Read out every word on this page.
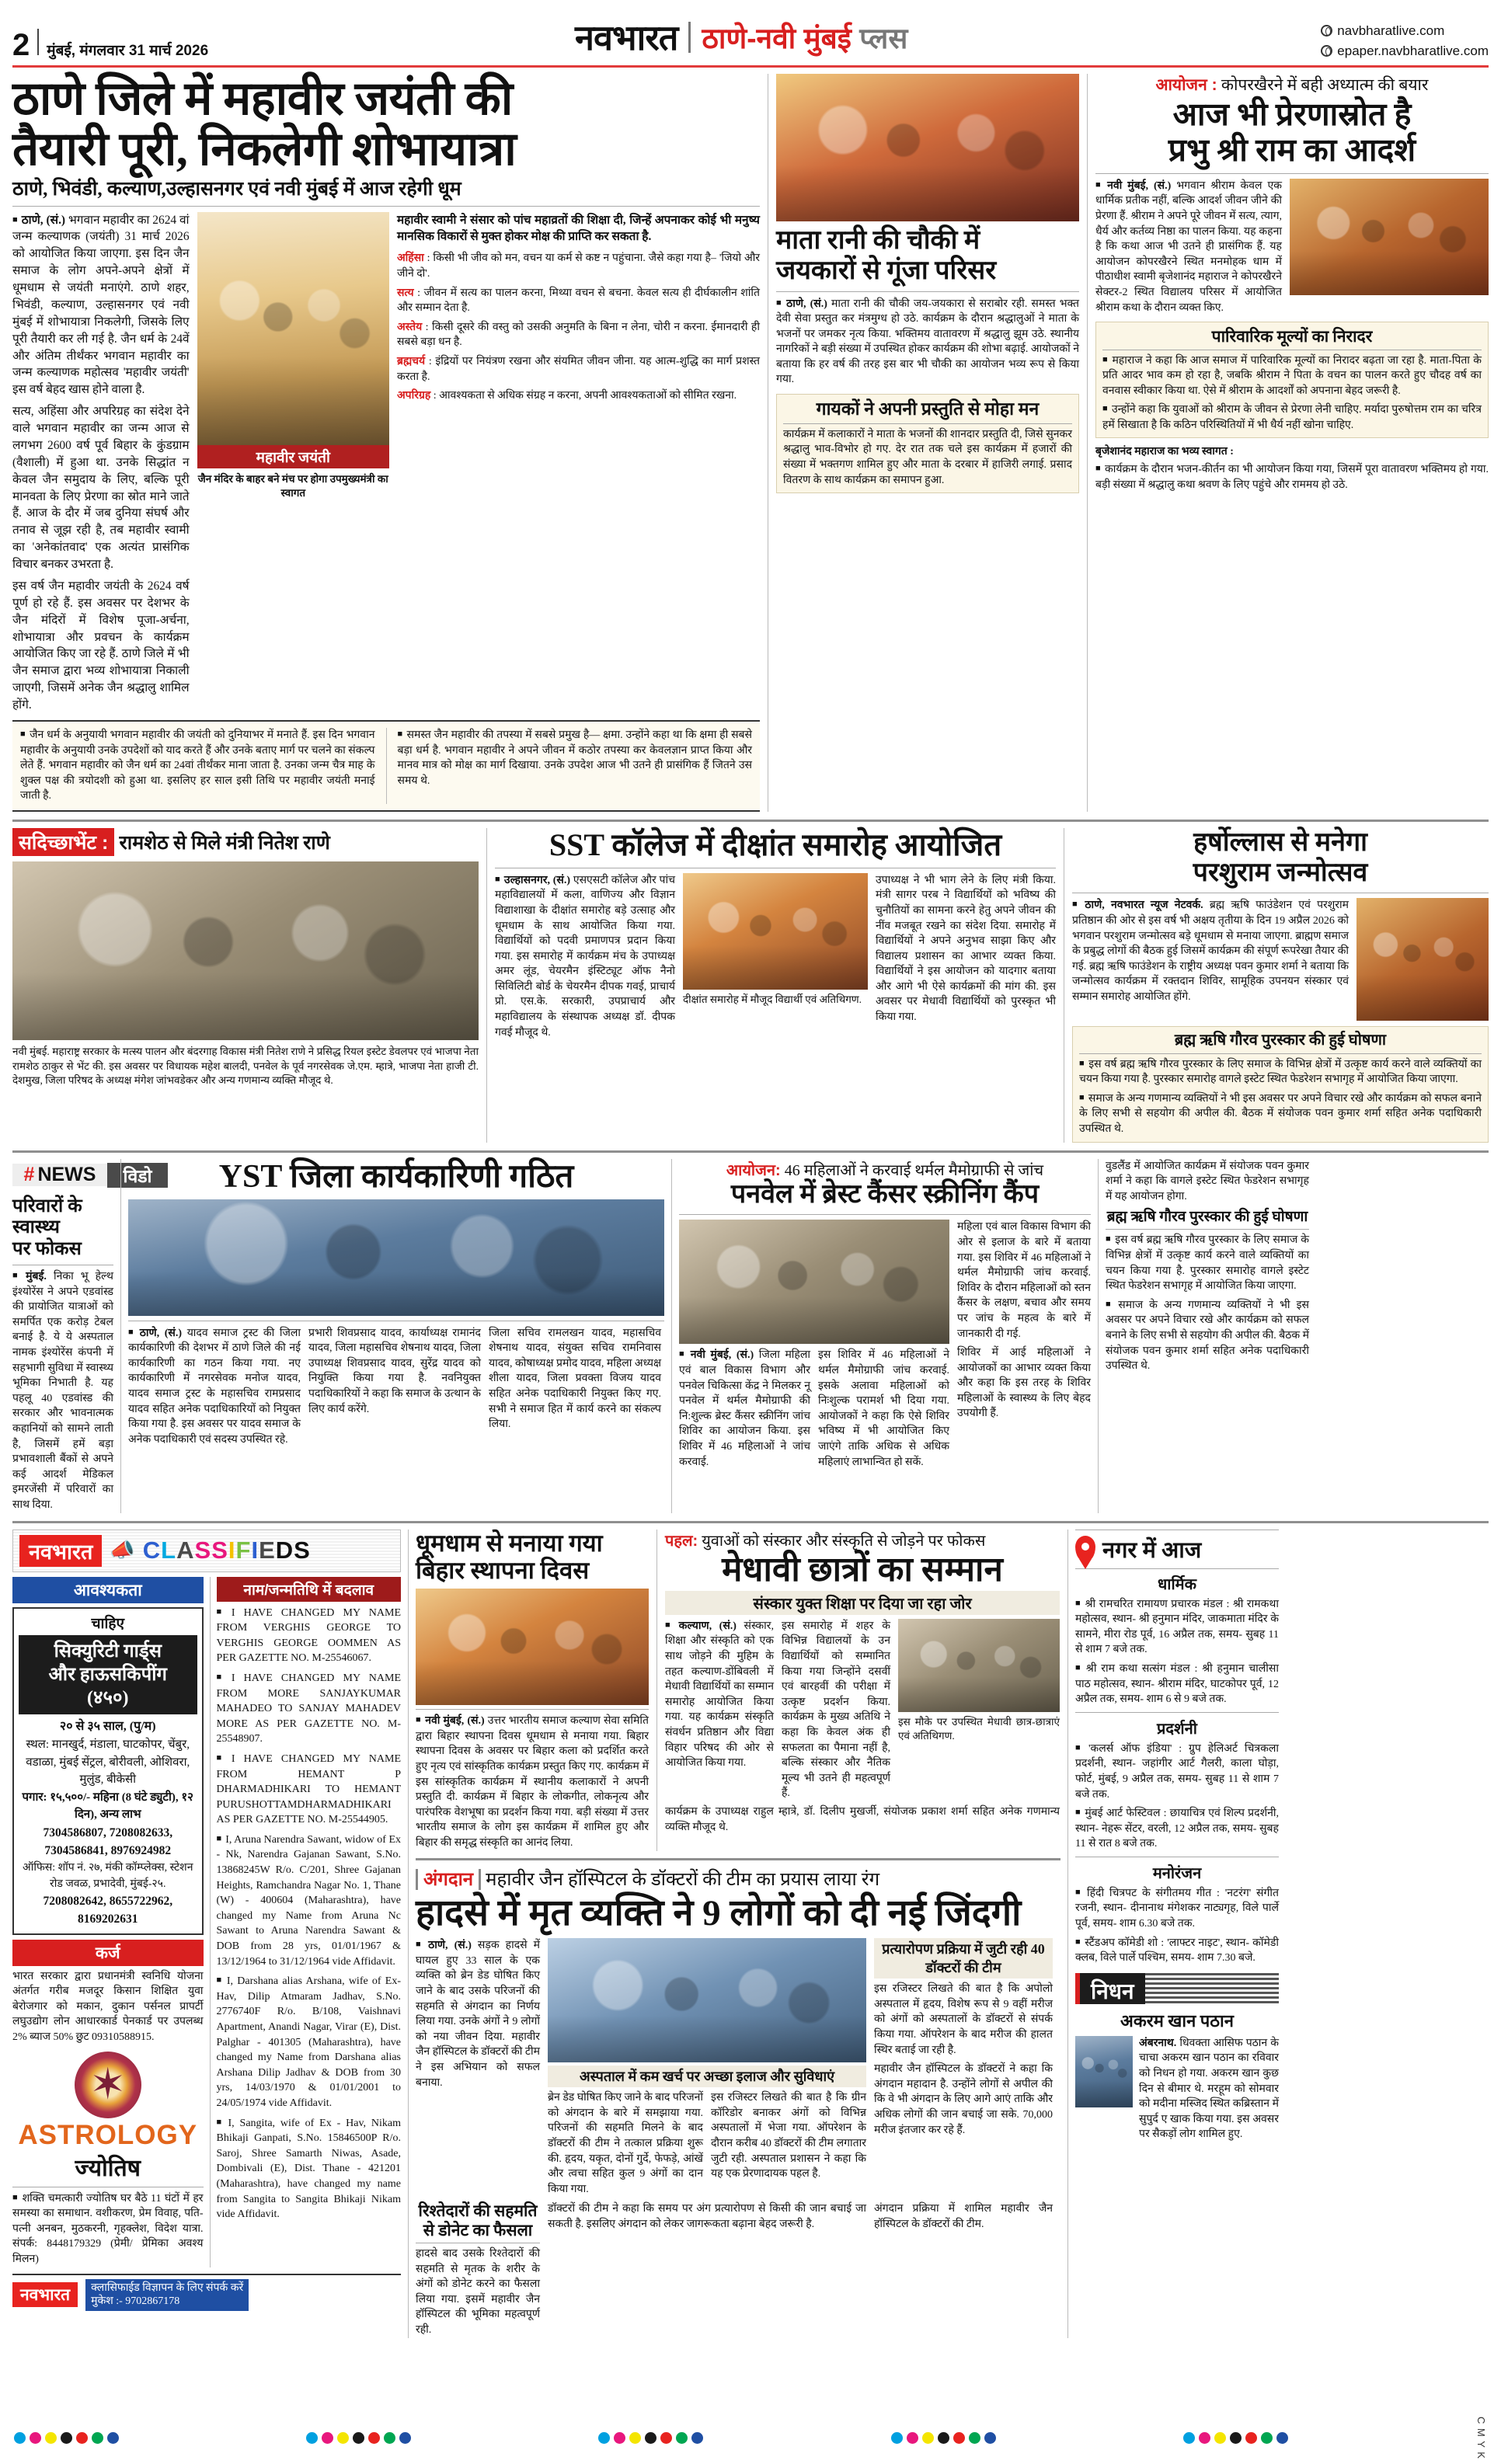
2 मुंबई, मंगलवार 31 मार्च 2026	नवभारत ठाणे-नवी मुंबई प्लस	navbharatlive.com
epaper.navbharatlive.com
ठाणे जिले में महावीर जयंती की
तैयारी पूरी, निकलेगी शोभायात्रा
ठाणे, भिवंडी, कल्याण,उल्हासनगर एवं नवी मुंबई में आज रहेगी धूम
■ ठाणे, (सं.) भगवान महावीर का 2624 वां जन्म कल्याणक (जयंती) 31 मार्च 2026 को आयोजित किया जाएगा. इस दिन जैन समाज के लोग अपने-अपने क्षेत्रों में धूमधाम से जयंती मनाएंगे. ठाणे शहर, भिवंडी, कल्याण, उल्हासनगर एवं नवी मुंबई में शोभायात्रा निकलेगी, जिसके लिए पूरी तैयारी कर ली गई है. जैन धर्म के 24वें और अंतिम तीर्थंकर भगवान महावीर का जन्म कल्याणक महोत्सव 'महावीर जयंती' इस वर्ष बेहद खास होने वाला है.
सत्य, अहिंसा और अपरिग्रह का संदेश देने वाले भगवान महावीर का जन्म आज से लगभग 2600 वर्ष पूर्व बिहार के कुंडग्राम (वैशाली) में हुआ था. उनके सिद्धांत न केवल जैन समुदाय के लिए, बल्कि पूरी मानवता के लिए प्रेरणा का स्रोत माने जाते हैं. आज के दौर में जब दुनिया संघर्ष और तनाव से जूझ रही है, तब महावीर स्वामी का 'अनेकांतवाद' एक अत्यंत प्रासंगिक विचार बनकर उभरता है.
इस वर्ष जैन महावीर जयंती के 2624 वर्ष पूर्ण हो रहे हैं. इस अवसर पर देशभर के जैन मंदिरों में विशेष पूजा-अर्चना, शोभायात्रा और प्रवचन के कार्यक्रम आयोजित किए जा रहे हैं. ठाणे जिले में भी जैन समाज द्वारा भव्य शोभायात्रा निकाली जाएगी, जिसमें अनेक जैन श्रद्धालु शामिल होंगे.
महावीर जयंती
जैन मंदिर के बाहर बने मंच पर होगा उपमुख्यमंत्री का स्वागत
महावीर स्वामी ने संसार को पांच महाव्रतों की शिक्षा दी, जिन्हें अपनाकर कोई भी मनुष्य मानसिक विकारों से मुक्त होकर मोक्ष की प्राप्ति कर सकता है.
अहिंसा : किसी भी जीव को मन, वचन या कर्म से कष्ट न पहुंचाना. जैसे कहा गया है– 'जियो और जीने दो'.
सत्य : जीवन में सत्य का पालन करना, मिथ्या वचन से बचना. केवल सत्य ही दीर्घकालीन शांति और सम्मान देता है.
अस्तेय : किसी दूसरे की वस्तु को उसकी अनुमति के बिना न लेना, चोरी न करना. ईमानदारी ही सबसे बड़ा धन है.
ब्रह्मचर्य : इंद्रियों पर नियंत्रण रखना और संयमित जीवन जीना. यह आत्म-शुद्धि का मार्ग प्रशस्त करता है.
अपरिग्रह : आवश्यकता से अधिक संग्रह न करना, अपनी आवश्यकताओं को सीमित रखना.
■ जैन धर्म के अनुयायी भगवान महावीर की जयंती को दुनियाभर में मनाते हैं. इस दिन भगवान महावीर के अनुयायी उनके उपदेशों को याद करते हैं और उनके बताए मार्ग पर चलने का संकल्प लेते हैं. भगवान महावीर को जैन धर्म का 24वां तीर्थंकर माना जाता है. उनका जन्म चैत्र माह के शुक्ल पक्ष की त्रयोदशी को हुआ था. इसलिए हर साल इसी तिथि पर महावीर जयंती मनाई जाती है.
■ समस्त जैन महावीर की तपस्या में सबसे प्रमुख है— क्षमा. उन्होंने कहा था कि क्षमा ही सबसे बड़ा धर्म है. भगवान महावीर ने अपने जीवन में कठोर तपस्या कर केवलज्ञान प्राप्त किया और मानव मात्र को मोक्ष का मार्ग दिखाया. उनके उपदेश आज भी उतने ही प्रासंगिक हैं जितने उस समय थे.
माता रानी की चौकी में
जयकारों से गूंजा परिसर
■ ठाणे, (सं.) माता रानी की चौकी जय-जयकारा से सराबोर रही. समस्त भक्त देवी सेवा प्रस्तुत कर मंत्रमुग्ध हो उठे. कार्यक्रम के दौरान श्रद्धालुओं ने माता के भजनों पर जमकर नृत्य किया. भक्तिमय वातावरण में श्रद्धालु झूम उठे. स्थानीय नागरिकों ने बड़ी संख्या में उपस्थित होकर कार्यक्रम की शोभा बढ़ाई. आयोजकों ने बताया कि हर वर्ष की तरह इस बार भी चौकी का आयोजन भव्य रूप से किया गया.
गायकों ने अपनी प्रस्तुति से मोहा मन
कार्यक्रम में कलाकारों ने माता के भजनों की शानदार प्रस्तुति दी, जिसे सुनकर श्रद्धालु भाव-विभोर हो गए. देर रात तक चले इस कार्यक्रम में हजारों की संख्या में भक्तगण शामिल हुए और माता के दरबार में हाजिरी लगाई. प्रसाद वितरण के साथ कार्यक्रम का समापन हुआ.
आयोजन : कोपरखैरने में बही अध्यात्म की बयार
आज भी प्रेरणास्रोत है
प्रभु श्री राम का आदर्श
■ नवी मुंबई, (सं.) भगवान श्रीराम केवल एक धार्मिक प्रतीक नहीं, बल्कि आदर्श जीवन जीने की प्रेरणा हैं. श्रीराम ने अपने पूरे जीवन में सत्य, त्याग, धैर्य और कर्तव्य निष्ठा का पालन किया. यह कहना है कि कथा आज भी उतने ही प्रासंगिक हैं. यह आयोजन कोपरखैरने स्थित मनमोहक धाम में पीठाधीश स्वामी बृजेशानंद महाराज ने कोपरखैरने सेक्टर-2 स्थित विद्यालय परिसर में आयोजित श्रीराम कथा के दौरान व्यक्त किए.
पारिवारिक मूल्यों का निरादर
■ महाराज ने कहा कि आज समाज में पारिवारिक मूल्यों का निरादर बढ़ता जा रहा है. माता-पिता के प्रति आदर भाव कम हो रहा है, जबकि श्रीराम ने पिता के वचन का पालन करते हुए चौदह वर्ष का वनवास स्वीकार किया था. ऐसे में श्रीराम के आदर्शों को अपनाना बेहद जरूरी है.
■ उन्होंने कहा कि युवाओं को श्रीराम के जीवन से प्रेरणा लेनी चाहिए. मर्यादा पुरुषोत्तम राम का चरित्र हमें सिखाता है कि कठिन परिस्थितियों में भी धैर्य नहीं खोना चाहिए.
बृजेशानंद महाराज का भव्य स्वागत :
■ कार्यक्रम के दौरान भजन-कीर्तन का भी आयोजन किया गया, जिसमें पूरा वातावरण भक्तिमय हो गया. बड़ी संख्या में श्रद्धालु कथा श्रवण के लिए पहुंचे और राममय हो उठे.
सदिच्छाभेंट : रामशेठ से मिले मंत्री नितेश राणे
नवी मुंबई. महाराष्ट्र सरकार के मत्स्य पालन और बंदरगाह विकास मंत्री नितेश राणे ने प्रसिद्ध रियल इस्टेट डेवलपर एवं भाजपा नेता रामशेठ ठाकुर से भेंट की. इस अवसर पर विधायक महेश बालदी, पनवेल के पूर्व नगरसेवक जे.एम. म्हात्रे, भाजपा नेता हाजी टी. देशमुख, जिला परिषद के अध्यक्ष मंगेश जांभवडेकर और अन्य गणमान्य व्यक्ति मौजूद थे.
SST कॉलेज में दीक्षांत समारोह आयोजित
■ उल्हासनगर, (सं.) एसएसटी कॉलेज और पांच महाविद्यालयों में कला, वाणिज्य और विज्ञान विद्याशाखा के दीक्षांत समारोह बड़े उत्साह और धूमधाम के साथ आयोजित किया गया. विद्यार्थियों को पदवी प्रमाणपत्र प्रदान किया गया. इस समारोह में कार्यक्रम मंच के उपाध्यक्ष अमर लूंड, चेयरमैन इंस्टिट्यूट ऑफ नैनो सिविलिटी बोर्ड के चेयरमैन दीपक गवई, प्राचार्य प्रो. एस.के. सरकारी, उपप्राचार्य और महाविद्यालय के संस्थापक अध्यक्ष डॉ. दीपक गवई मौजूद थे.
दीक्षांत समारोह में मौजूद विद्यार्थी एवं अतिथिगण.
उपाध्यक्ष ने भी भाग लेने के लिए मंत्री किया. मंत्री सागर परब ने विद्यार्थियों को भविष्य की चुनौतियों का सामना करने हेतु अपने जीवन की नींव मजबूत रखने का संदेश दिया. समारोह में विद्यार्थियों ने अपने अनुभव साझा किए और विद्यालय प्रशासन का आभार व्यक्त किया. विद्यार्थियों ने इस आयोजन को यादगार बताया और आगे भी ऐसे कार्यक्रमों की मांग की. इस अवसर पर मेधावी विद्यार्थियों को पुरस्कृत भी किया गया.
हर्षोल्लास से मनेगा
परशुराम जन्मोत्सव
■ ठाणे, नवभारत न्यूज नेटवर्क. ब्रह्म ऋषि फाउंडेशन एवं परशुराम प्रतिष्ठान की ओर से इस वर्ष भी अक्षय तृतीया के दिन 19 अप्रैल 2026 को भगवान परशुराम जन्मोत्सव बड़े धूमधाम से मनाया जाएगा. ब्राह्मण समाज के प्रबुद्ध लोगों की बैठक हुई जिसमें कार्यक्रम की संपूर्ण रूपरेखा तैयार की गई. ब्रह्म ऋषि फाउंडेशन के राष्ट्रीय अध्यक्ष पवन कुमार शर्मा ने बताया कि जन्मोत्सव कार्यक्रम में रक्तदान शिविर, सामूहिक उपनयन संस्कार एवं सम्मान समारोह आयोजित होंगे.
ब्रह्म ऋषि गौरव पुरस्कार की हुई घोषणा
■ इस वर्ष ब्रह्म ऋषि गौरव पुरस्कार के लिए समाज के विभिन्न क्षेत्रों में उत्कृष्ट कार्य करने वाले व्यक्तियों का चयन किया गया है. पुरस्कार समारोह वागले इस्टेट स्थित फेडरेशन सभागृह में आयोजित किया जाएगा.
■ समाज के अन्य गणमान्य व्यक्तियों ने भी इस अवसर पर अपने विचार रखे और कार्यक्रम को सफल बनाने के लिए सभी से सहयोग की अपील की. बैठक में संयोजक पवन कुमार शर्मा सहित अनेक पदाधिकारी उपस्थित थे.
# NEWS	विडो
परिवारों के स्वास्थ्य
पर फोकस
■ मुंबई. निका भू हेल्थ इंश्योरेंस ने अपने एडवांस्ड की प्रायोजित यात्राओं को समर्पित एक करोड़ टेबल बनाई है. ये ये अस्पताल नामक इंश्योरेंस कंपनी में सहभागी सुविधा में स्वास्थ्य भूमिका निभाती है. यह पहलू 40 एडवांस्ड की सरकार और भावनात्मक कहानियों को सामने लाती है, जिसमें हमें बड़ा प्रभावशाली बैंकों से अपने कई आदर्श मेडिकल इमरजेंसी में परिवारों का साथ दिया.
YST जिला कार्यकारिणी गठित
■ ठाणे, (सं.) यादव समाज ट्रस्ट की जिला कार्यकारिणी की देशभर में ठाणे जिले की नई कार्यकारिणी का गठन किया गया. नए कार्यकारिणी में नगरसेवक मनोज यादव, यादव समाज ट्रस्ट के महासचिव रामप्रसाद यादव सहित अनेक पदाधिकारियों को नियुक्त किया गया है. इस अवसर पर यादव समाज के अनेक पदाधिकारी एवं सदस्य उपस्थित रहे.
प्रभारी शिवप्रसाद यादव, कार्याध्यक्ष रामानंद यादव, जिला महासचिव शेषनाथ यादव, जिला उपाध्यक्ष शिवप्रसाद यादव, सुरेंद्र यादव को नियुक्ति किया गया है. नवनियुक्त पदाधिकारियों ने कहा कि समाज के उत्थान के लिए कार्य करेंगे.
जिला सचिव रामलखन यादव, महासचिव शेषनाथ यादव, संयुक्त सचिव रामनिवास यादव, कोषाध्यक्ष प्रमोद यादव, महिला अध्यक्ष शीला यादव, जिला प्रवक्ता विजय यादव सहित अनेक पदाधिकारी नियुक्त किए गए. सभी ने समाज हित में कार्य करने का संकल्प लिया.
आयोजन: 46 महिलाओं ने करवाई थर्मल मैमोग्राफी से जांच
पनवेल में ब्रेस्ट कैंसर स्क्रीनिंग कैंप
■ नवी मुंबई, (सं.) जिला महिला एवं बाल विकास विभाग और पनवेल चिकित्सा केंद्र ने मिलकर नू पनवेल में थर्मल मैमोग्राफी की नि:शुल्क ब्रेस्ट कैंसर स्क्रीनिंग जांच शिविर का आयोजन किया. इस शिविर में 46 महिलाओं ने जांच करवाई.
इस शिविर में 46 महिलाओं ने थर्मल मैमोग्राफी जांच करवाई. इसके अलावा महिलाओं को निःशुल्क परामर्श भी दिया गया. आयोजकों ने कहा कि ऐसे शिविर भविष्य में भी आयोजित किए जाएंगे ताकि अधिक से अधिक महिलाएं लाभान्वित हो सकें.
महिला एवं बाल विकास विभाग की ओर से इलाज के बारे में बताया गया. इस शिविर में 46 महिलाओं ने थर्मल मैमोग्राफी जांच करवाई. शिविर के दौरान महिलाओं को स्तन कैंसर के लक्षण, बचाव और समय पर जांच के महत्व के बारे में जानकारी दी गई.
शिविर में आई महिलाओं ने आयोजकों का आभार व्यक्त किया और कहा कि इस तरह के शिविर महिलाओं के स्वास्थ्य के लिए बेहद उपयोगी हैं.
वुडलैंड में आयोजित कार्यक्रम में संयोजक पवन कुमार शर्मा ने कहा कि वागले इस्टेट स्थित फेडरेशन सभागृह में यह आयोजन होगा.
ब्रह्म ऋषि गौरव पुरस्कार की हुई घोषणा
■ इस वर्ष ब्रह्म ऋषि गौरव पुरस्कार के लिए समाज के विभिन्न क्षेत्रों में उत्कृष्ट कार्य करने वाले व्यक्तियों का चयन किया गया है. पुरस्कार समारोह वागले इस्टेट स्थित फेडरेशन सभागृह में आयोजित किया जाएगा.
■ समाज के अन्य गणमान्य व्यक्तियों ने भी इस अवसर पर अपने विचार रखे और कार्यक्रम को सफल बनाने के लिए सभी से सहयोग की अपील की. बैठक में संयोजक पवन कुमार शर्मा सहित अनेक पदाधिकारी उपस्थित थे.
नवभारत 📣 CLASSIFIEDS
आवश्यकता
चाहिए
सिक्युरिटी गार्ड्स
और हाऊसकिपींग
(४५०)
२० से ३५ साल, (पु/म)
स्थल: मानखुर्द, मंडाला, घाटकोपर, चेंबुर, वडाळा, मुंबई सेंट्रल, बोरीवली, ओशिवरा, मुलुंड, बीकेसी
पगार: १५,५००/- महिना (8 घंटे ड्युटी), १२ दिन), अन्य लाभ
7304586807, 7208082633,
7304586841, 8976924982
ऑफिस: शॉप नं. २७, मंकी कॉम्प्लेक्स, स्टेशन रोड जवळ, प्रभादेवी, मुंबई-२५.
7208082642, 8655722962,
8169202631
कर्ज
भारत सरकार द्वारा प्रधानमंत्री स्वनिधि योजना अंतर्गत गरीब मजदूर किसान शिक्षित युवा बेरोजगार को मकान, दुकान पर्सनल प्रापर्टी लघुउद्योग लोन आधारकार्ड पेनकार्ड पर उपलब्ध 2% ब्याज 50% छुट 09310588915.
✶
ASTROLOGY
ज्योतिष
■ शक्ति चमत्कारी ज्योतिष घर बैठे 11 घंटों में हर समस्या का समाधान. वशीकरण, प्रेम विवाह, पति-पत्नी अनबन, मुठकरनी, गृहक्लेश, विदेश यात्रा. संपर्क: 8448179329 (प्रेमी/ प्रेमिका अवश्य मिलन)
नाम/जन्मतिथि में बदलाव
■ I HAVE CHANGED MY NAME FROM VERGHIS GEORGE TO VERGHIS GEORGE OOMMEN AS PER GAZETTE NO. M-25546067.
■ I HAVE CHANGED MY NAME FROM MORE SANJAYKUMAR MAHADEO TO SANJAY MAHADEV MORE AS PER GAZETTE NO. M-25548907.
■ I HAVE CHANGED MY NAME FROM HEMANT P DHARMADHIKARI TO HEMANT PURUSHOTTAMDHARMADHIKARI AS PER GAZETTE NO. M-25544905.
■ I, Aruna Narendra Sawant, widow of Ex - Nk, Narendra Gajanan Sawant, S.No. 13868245W R/o. C/201, Shree Gajanan Heights, Ramchandra Nagar No. 1, Thane (W) - 400604 (Maharashtra), have changed my Name from Aruna Nc Sawant to Aruna Narendra Sawant & DOB from 28 yrs, 01/01/1967 & 13/12/1964 to 31/12/1964 vide Affidavit.
■ I, Darshana alias Arshana, wife of Ex-Hav, Dilip Atmaram Jadhav, S.No. 2776740F R/o. B/108, Vaishnavi Apartment, Anandi Nagar, Virar (E), Dist. Palghar - 401305 (Maharashtra), have changed my Name from Darshana alias Arshana Dilip Jadhav & DOB from 30 yrs, 14/03/1970 & 01/01/2001 to 24/05/1974 vide Affidavit.
■ I, Sangita, wife of Ex - Hav, Nikam Bhikaji Ganpati, S.No. 15846500P R/o. Saroj, Shree Samarth Niwas, Asade, Dombivali (E), Dist. Thane - 421201 (Maharashtra), have changed my name from Sangita to Sangita Bhikaji Nikam vide Affidavit.
नवभारत	क्लासिफाईड विज्ञापन के लिए संपर्क करें
मुकेश :- 9702867178
धूमधाम से मनाया गया
बिहार स्थापना दिवस
■ नवी मुंबई, (सं.) उत्तर भारतीय समाज कल्याण सेवा समिति द्वारा बिहार स्थापना दिवस धूमधाम से मनाया गया. बिहार स्थापना दिवस के अवसर पर बिहार कला को प्रदर्शित करते हुए नृत्य एवं सांस्कृतिक कार्यक्रम प्रस्तुत किए गए. कार्यक्रम में इस सांस्कृतिक कार्यक्रम में स्थानीय कलाकारों ने अपनी प्रस्तुति दी. कार्यक्रम में बिहार के लोकगीत, लोकनृत्य और पारंपरिक वेशभूषा का प्रदर्शन किया गया. बड़ी संख्या में उत्तर भारतीय समाज के लोग इस कार्यक्रम में शामिल हुए और बिहार की समृद्ध संस्कृति का आनंद लिया.
पहल: युवाओं को संस्कार और संस्कृति से जोड़ने पर फोकस
मेधावी छात्रों का सम्मान
संस्कार युक्त शिक्षा पर दिया जा रहा जोर
■ कल्याण, (सं.) संस्कार, शिक्षा और संस्कृति को एक साथ जोड़ने की मुहिम के तहत कल्याण-डोंबिवली में मेधावी विद्यार्थियों का सम्मान समारोह आयोजित किया गया. यह कार्यक्रम संस्कृति संवर्धन प्रतिष्ठान और विद्या विहार परिषद की ओर से आयोजित किया गया.
इस समारोह में शहर के विभिन्न विद्यालयों के उन विद्यार्थियों को सम्मानित किया गया जिन्होंने दसवीं एवं बारहवीं की परीक्षा में उत्कृष्ट प्रदर्शन किया. कार्यक्रम के मुख्य अतिथि ने कहा कि केवल अंक ही सफलता का पैमाना नहीं है, बल्कि संस्कार और नैतिक मूल्य भी उतने ही महत्वपूर्ण हैं.
इस मौके पर उपस्थित मेधावी छात्र-छात्राएं एवं अतिथिगण.
कार्यक्रम के उपाध्यक्ष राहुल म्हात्रे, डॉ. दिलीप मुखर्जी, संयोजक प्रकाश शर्मा सहित अनेक गणमान्य व्यक्ति मौजूद थे.
अंगदान महावीर जैन हॉस्पिटल के डॉक्टरों की टीम का प्रयास लाया रंग
हादसे में मृत व्यक्ति ने 9 लोगों को दी नई जिंदगी
■ ठाणे, (सं.) सड़क हादसे में घायल हुए 33 साल के एक व्यक्ति को ब्रेन डेड घोषित किए जाने के बाद उसके परिजनों की सहमति से अंगदान का निर्णय लिया गया. उनके अंगों ने 9 लोगों को नया जीवन दिया. महावीर जैन हॉस्पिटल के डॉक्टरों की टीम ने इस अभियान को सफल बनाया.	अस्पताल में कम खर्च पर अच्छा इलाज और सुविधाएं
ब्रेन डेड घोषित किए जाने के बाद परिजनों को अंगदान के बारे में समझाया गया. परिजनों की सहमति मिलने के बाद डॉक्टरों की टीम ने तत्काल प्रक्रिया शुरू की. हृदय, यकृत, दोनों गुर्दे, फेफड़े, आंखें और त्वचा सहित कुल 9 अंगों का दान किया गया.
इस रजिस्टर लिखते की बात है कि ग्रीन कॉरिडोर बनाकर अंगों को विभिन्न अस्पतालों में भेजा गया. ऑपरेशन के दौरान करीब 40 डॉक्टरों की टीम लगातार जुटी रही. अस्पताल प्रशासन ने कहा कि यह एक प्रेरणादायक पहल है.
प्रत्यारोपण प्रक्रिया में जुटी रही 40 डॉक्टरों की टीम
इस रजिस्टर लिखते की बात है कि अपोलो अस्पताल में हृदय, विशेष रूप से 9 वहीं मरीज को अंगों को अस्पतालों के डॉक्टरों से संपर्क किया गया. ऑपरेशन के बाद मरीज की हालत स्थिर बताई जा रही है.
महावीर जैन हॉस्पिटल के डॉक्टरों ने कहा कि अंगदान महादान है. उन्होंने लोगों से अपील की कि वे भी अंगदान के लिए आगे आएं ताकि और अधिक लोगों की जान बचाई जा सके. 70,000 मरीज इंतजार कर रहे हैं.
रिश्तेदारों की सहमति से डोनेट का फैसला
हादसे बाद उसके रिश्तेदारों की सहमति से मृतक के शरीर के अंगों को डोनेट करने का फैसला लिया गया. इसमें महावीर जैन हॉस्पिटल की भूमिका महत्वपूर्ण रही.
डॉक्टरों की टीम ने कहा कि समय पर अंग प्रत्यारोपण से किसी की जान बचाई जा सकती है. इसलिए अंगदान को लेकर जागरूकता बढ़ाना बेहद जरूरी है.
अंगदान प्रक्रिया में शामिल महावीर जैन हॉस्पिटल के डॉक्टरों की टीम.
नगर में आज
धार्मिक
■ श्री रामचरित रामायण प्रचारक मंडल : श्री रामकथा महोत्सव, स्थान- श्री हनुमान मंदिर, जाकमाता मंदिर के सामने, मीरा रोड पूर्व, 16 अप्रैल तक, समय- सुबह 11 से शाम 7 बजे तक.
■ श्री राम कथा सत्संग मंडल : श्री हनुमान चालीसा पाठ महोत्सव, स्थान- श्रीराम मंदिर, घाटकोपर पूर्व, 12 अप्रैल तक, समय- शाम 6 से 9 बजे तक.
प्रदर्शनी
■ 'कलर्स ऑफ इंडिया' : ग्रुप हेलिअर्ट चित्रकला प्रदर्शनी, स्थान- जहांगीर आर्ट गैलरी, काला घोड़ा, फोर्ट, मुंबई, 9 अप्रैल तक, समय- सुबह 11 से शाम 7 बजे तक.
■ मुंबई आर्ट फेस्टिवल : छायाचित्र एवं शिल्प प्रदर्शनी, स्थान- नेहरू सेंटर, वरली, 12 अप्रैल तक, समय- सुबह 11 से रात 8 बजे तक.
मनोरंजन
■ हिंदी चित्रपट के संगीतमय गीत : 'नटरंग' संगीत रजनी, स्थान- दीनानाथ मंगेशकर नाट्यगृह, विले पार्ले पूर्व, समय- शाम 6.30 बजे तक.
■ स्टैंडअप कॉमेडी शो : 'लाफ्टर नाइट', स्थान- कॉमेडी क्लब, विले पार्ले पश्चिम, समय- शाम 7.30 बजे.
निधन
अकरम खान पठान
अंबरनाथ. धिवक्ता आसिफ पठान के चाचा अकरम खान पठान का रविवार को निधन हो गया. अकरम खान कुछ दिन से बीमार थे. मरहूम को सोमवार को मदीना मस्जिद स्थित कब्रिस्तान में सुपुर्द ए खाक किया गया. इस अवसर पर सैकड़ों लोग शामिल हुए.
C M Y K
